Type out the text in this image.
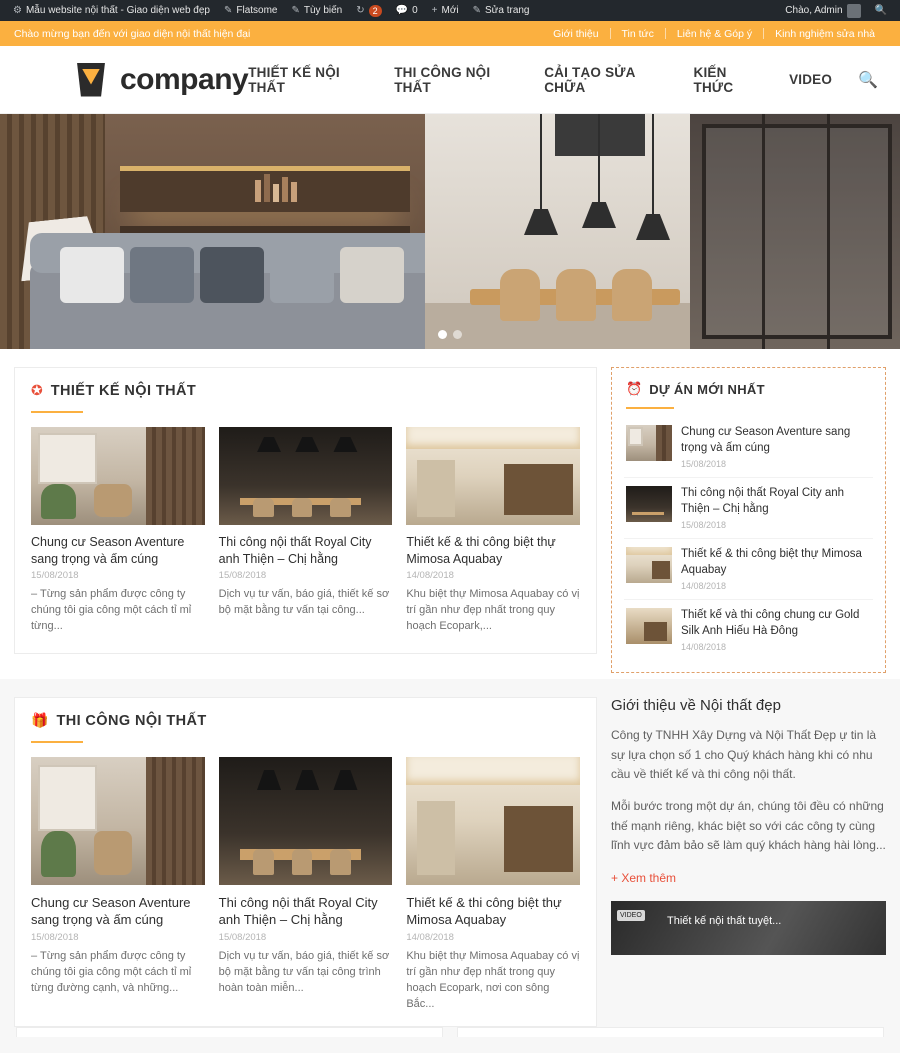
⚙ Mẫu website nội thất - Giao diện web đẹp ✎ Flatsome ✎ Tùy biến ↻ 2	💬 0 + Mới ✎ Sửa trang	Chào, Admin	🔍
Chào mừng bạn đến với giao diện nội thất hiện đại	Giới thiệu	Tin tức	Liên hệ & Góp ý	Kinh nghiệm sửa nhà
company THIẾT KẾ NỘI THẤT
THI CÔNG NỘI THẤT
CẢI TẠO SỬA CHỮA
KIẾN THỨC	VIDEO 🔍
✪ THIẾT KẾ NỘI THẤT
Chung cư Season Aventure sang trọng và ấm cúng
15/08/2018

– Từng sản phẩm được công ty chúng tôi gia công một cách tỉ mỉ từng...

Thi công nội thất Royal City anh Thiện – Chị hằng
15/08/2018

Dịch vụ tư vấn, báo giá, thiết kế sơ bộ mặt bằng tư vấn tại công...

Thiết kế & thi công biệt thự Mimosa Aquabay
14/08/2018

Khu biệt thự Mimosa Aquabay có vị trí gần như đẹp nhất trong quy hoạch Ecopark,...

⏰ DỰ ÁN MỚI NHẤT
Chung cư Season Aventure sang trọng và ấm cúng
15/08/2018
Thi công nội thất Royal City anh Thiện – Chị hằng
15/08/2018
Thiết kế & thi công biệt thự Mimosa Aquabay
14/08/2018
Thiết kế và thi công chung cư Gold Silk Anh Hiếu Hà Đông
14/08/2018
🎁 THI CÔNG NỘI THẤT
Chung cư Season Aventure sang trọng và ấm cúng
15/08/2018

– Từng sản phẩm được công ty chúng tôi gia công một cách tỉ mỉ từng đường cạnh, và những...

Thi công nội thất Royal City anh Thiện – Chị hằng
15/08/2018

Dịch vụ tư vấn, báo giá, thiết kế sơ bộ mặt bằng tư vấn tại công trình hoàn toàn miễn...

Thiết kế & thi công biệt thự Mimosa Aquabay
14/08/2018

Khu biệt thự Mimosa Aquabay có vị trí gần như đẹp nhất trong quy hoạch Ecopark, nơi con sông Bắc...

Giới thiệu về Nội thất đẹp

Công ty TNHH Xây Dựng và Nội Thất Đẹp ự tin là sự lựa chọn số 1 cho Quý khách hàng khi có nhu cầu về thiết kế và thi công nội thất.

Mỗi bước trong một dự án, chúng tôi đều có những thế mạnh riêng, khác biệt so với các công ty cùng lĩnh vực đảm bảo sẽ làm quý khách hàng hài lòng...

+ Xem thêm
VIDEO Thiết kế nội thất tuyệt...
